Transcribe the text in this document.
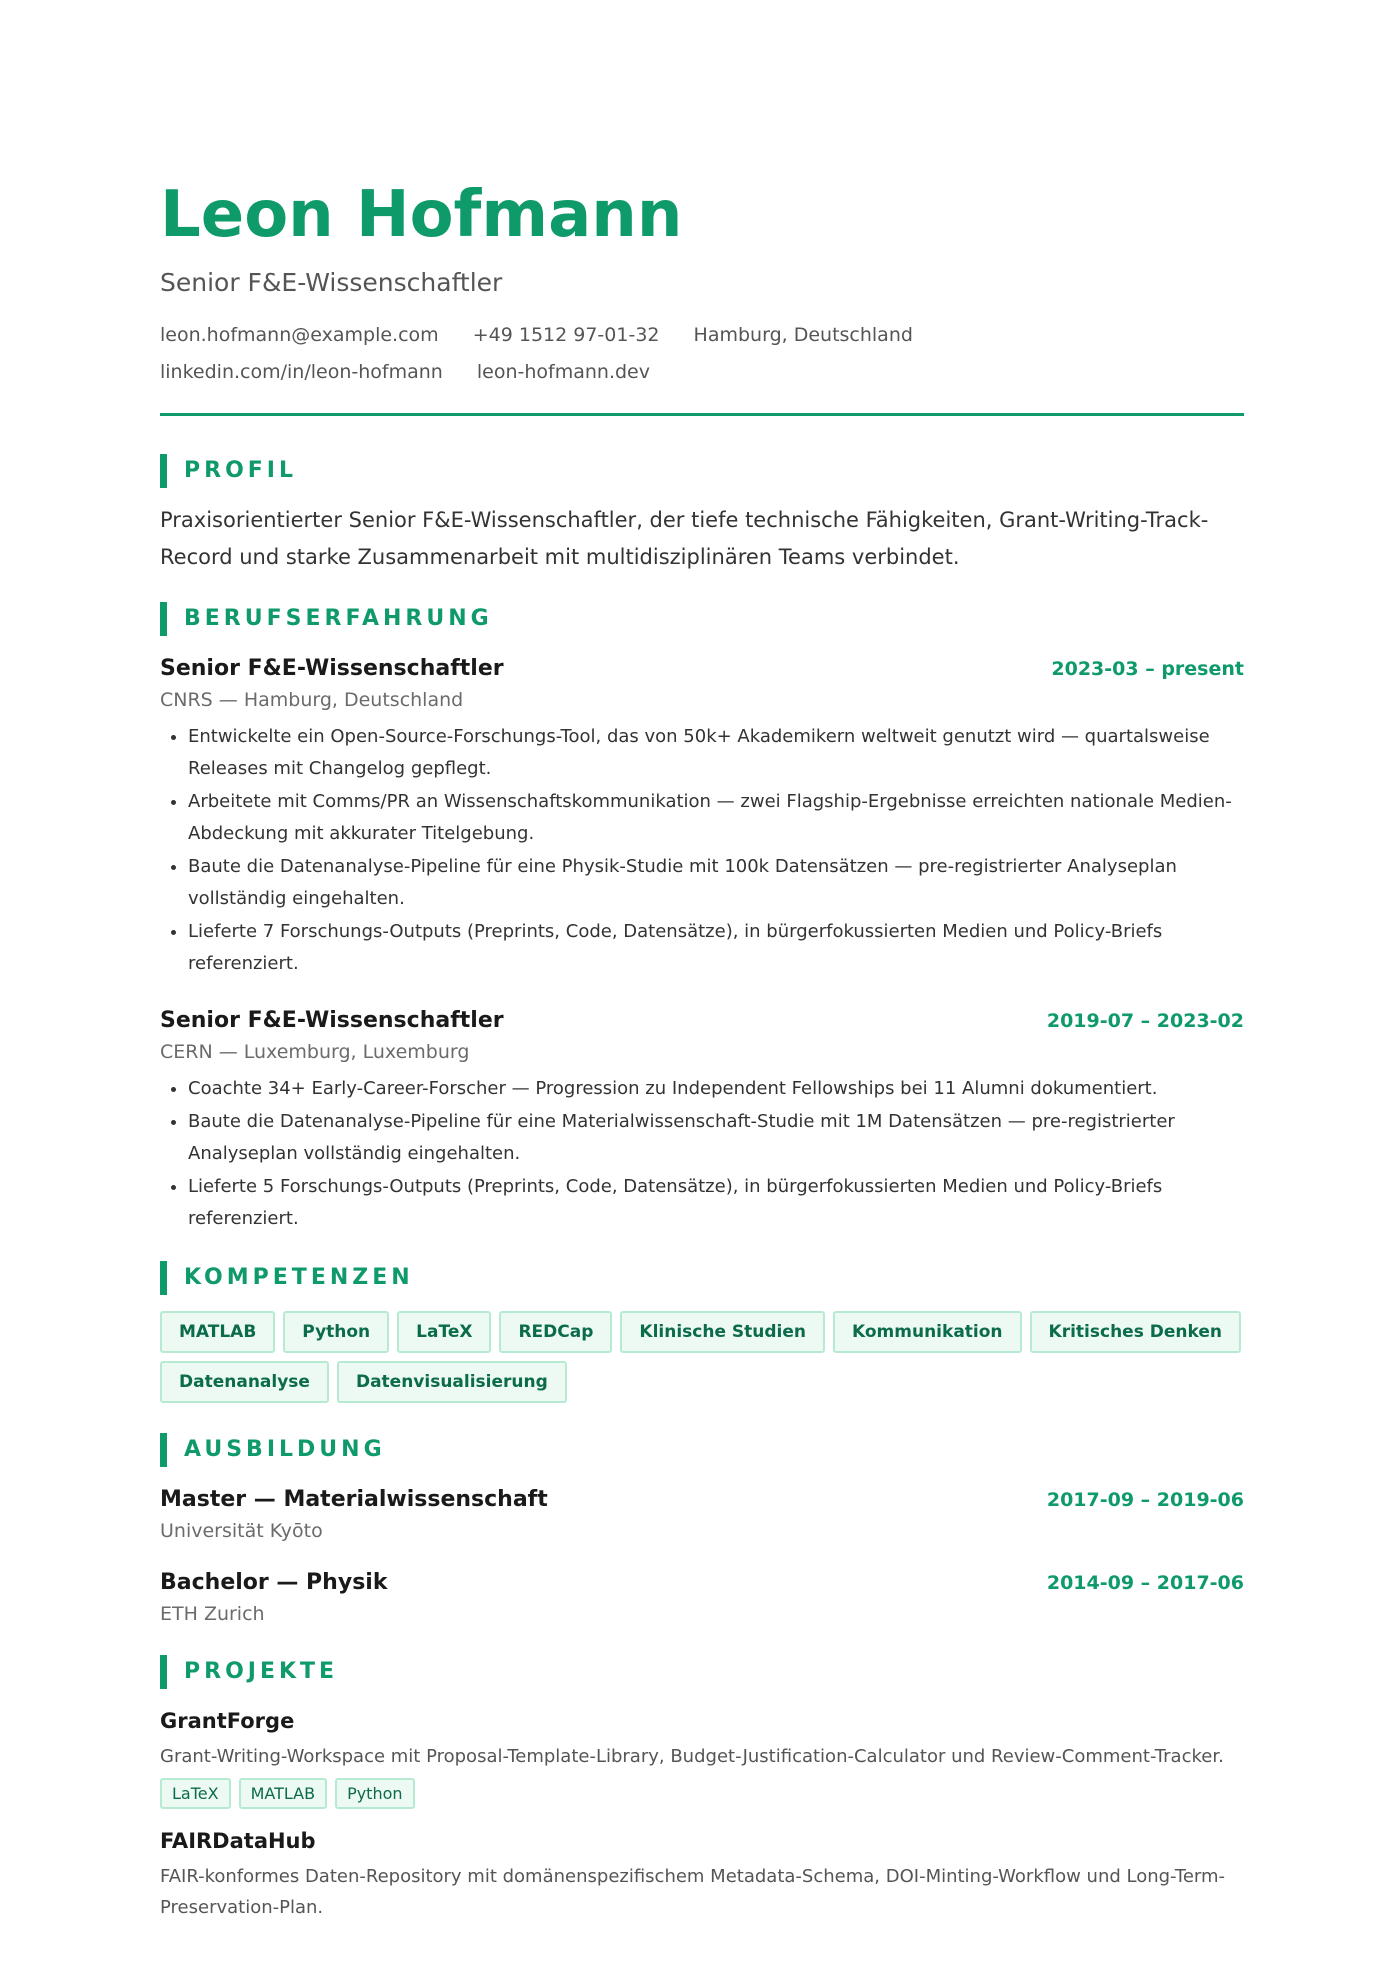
Leon Hofmann
Senior F&E-Wissenschaftler
leon.hofmann@example.com +49 1512 97-01-32 Hamburg, Deutschland linkedin.com/in/leon-hofmann leon-hofmann.dev
PROFIL
Praxisorientierter Senior F&E-Wissenschaftler, der tiefe technische Fähigkeiten, Grant-Writing-Track-Record und starke Zusammenarbeit mit multidisziplinären Teams verbindet.
BERUFSERFAHRUNG
Senior F&E-Wissenschaftler	2023-03 – present
CNRS — Hamburg, Deutschland
• Entwickelte ein Open-Source-Forschungs-Tool, das von 50k+ Akademikern weltweit genutzt wird — quartalsweise Releases mit Changelog gepflegt.
• Arbeitete mit Comms/PR an Wissenschaftskommunikation — zwei Flagship-Ergebnisse erreichten nationale Medien-Abdeckung mit akkurater Titelgebung.
• Baute die Datenanalyse-Pipeline für eine Physik-Studie mit 100k Datensätzen — pre-registrierter Analyseplan vollständig eingehalten.
• Lieferte 7 Forschungs-Outputs (Preprints, Code, Datensätze), in bürgerfokussierten Medien und Policy-Briefs referenziert.
Senior F&E-Wissenschaftler	2019-07 – 2023-02
CERN — Luxemburg, Luxemburg
• Coachte 34+ Early-Career-Forscher — Progression zu Independent Fellowships bei 11 Alumni dokumentiert.
• Baute die Datenanalyse-Pipeline für eine Materialwissenschaft-Studie mit 1M Datensätzen — pre-registrierter Analyseplan vollständig eingehalten.
• Lieferte 5 Forschungs-Outputs (Preprints, Code, Datensätze), in bürgerfokussierten Medien und Policy-Briefs referenziert.
KOMPETENZEN
MATLAB	Python	LaTeX	REDCap	Klinische Studien	Kommunikation	Kritisches Denken
Datenanalyse	Datenvisualisierung
AUSBILDUNG
Master — Materialwissenschaft	2017-09 – 2019-06
Universität Kyōto
Bachelor — Physik	2014-09 – 2017-06
ETH Zurich
PROJEKTE
GrantForge
Grant-Writing-Workspace mit Proposal-Template-Library, Budget-Justification-Calculator und Review-Comment-Tracker.
LaTeX	MATLAB	Python
FAIRDataHub
FAIR-konformes Daten-Repository mit domänenspezifischem Metadata-Schema, DOI-Minting-Workflow und Long-Term-Preservation-Plan.
